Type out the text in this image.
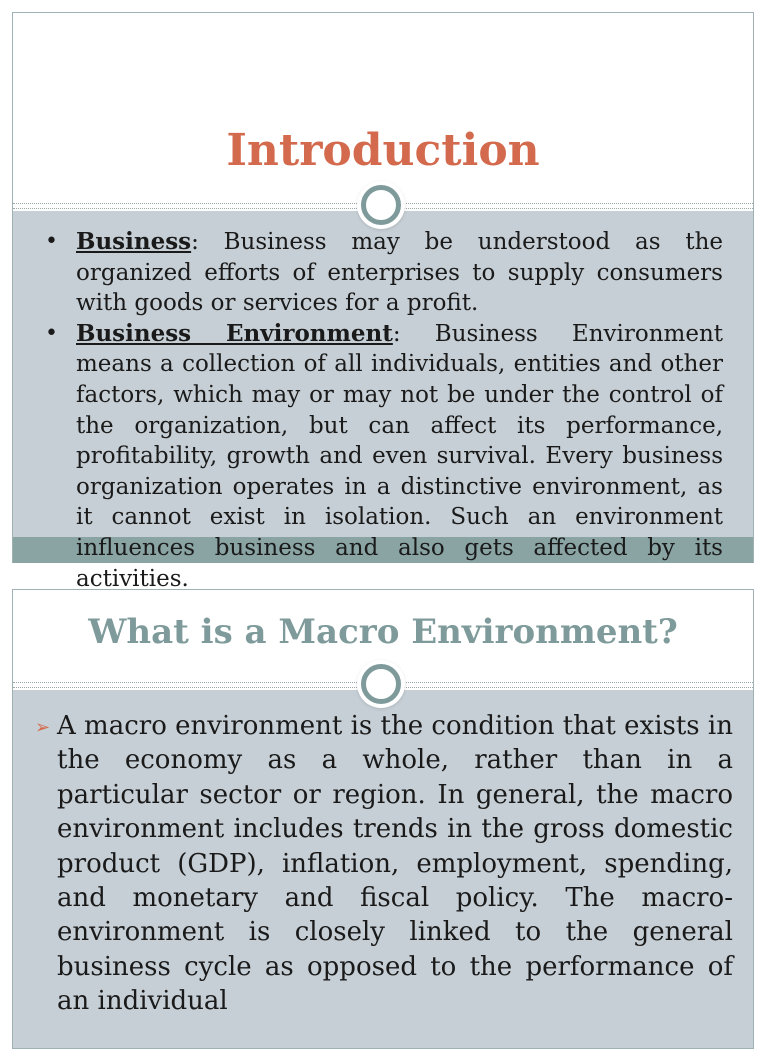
Introduction
• Business: Business may be understood as the organized efforts of enterprises to supply consumers with goods or services for a profit.
• Business Environment: Business Environment means a collection of all individuals, entities and other factors, which may or may not be under the control of the organization, but can affect its performance, profitability, growth and even survival. Every business organization operates in a distinctive environment, as it cannot exist in isolation. Such an environment influences business and also gets affected by its activities.
What is a Macro Environment?
➢ A macro environment is the condition that exists in the economy as a whole, rather than in a particular sector or region. In general, the macro environment includes trends in the gross domestic product (GDP), inflation, employment, spending, and monetary and fiscal policy. The macro-environment is closely linked to the general business cycle as opposed to the performance of an individual
